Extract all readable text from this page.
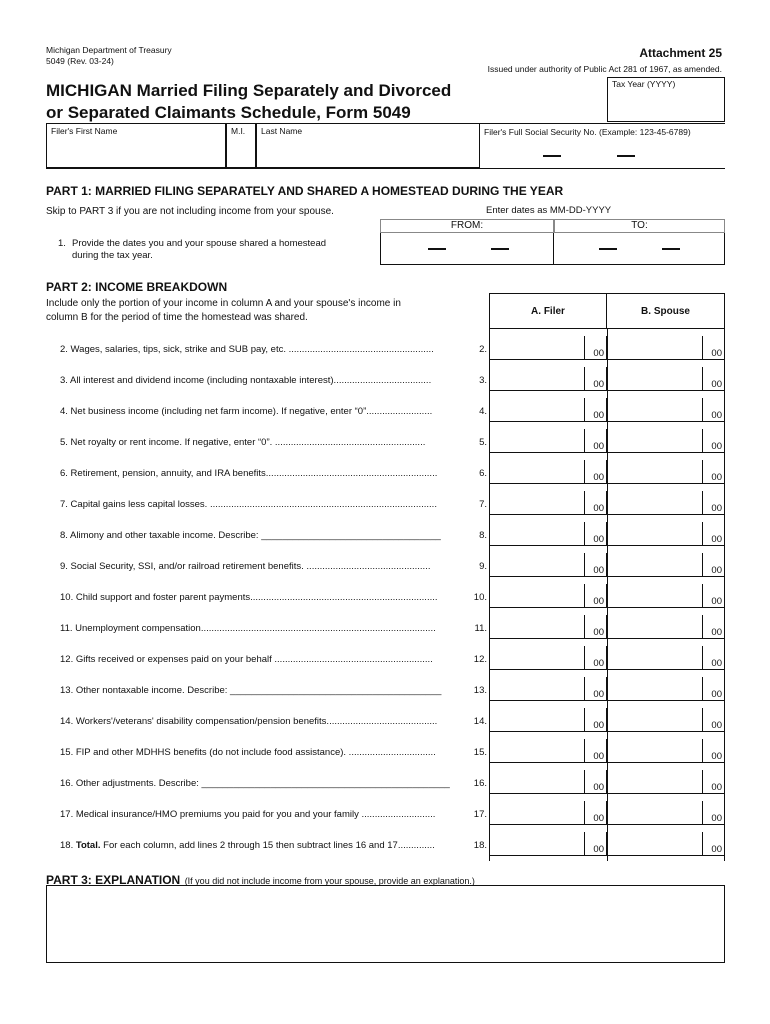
Michigan Department of Treasury
5049 (Rev. 03-24)
Attachment 25
Issued under authority of Public Act 281 of 1967, as amended.
MICHIGAN Married Filing Separately and Divorced
or Separated Claimants Schedule, Form 5049
Tax Year (YYYY)
Filer's First Name	M.I.	Last Name	Filer's Full Social Security No. (Example: 123-45-6789)
PART 1: MARRIED FILING SEPARATELY AND SHARED A HOMESTEAD DURING THE YEAR
Skip to PART 3 if you are not including income from your spouse.	Enter dates as MM-DD-YYYY
FROM:	TO:
1. Provide the dates you and your spouse shared a homestead
during the tax year.
PART 2: INCOME BREAKDOWN
Include only the portion of your income in column A and your spouse's income in
column B for the period of time the homestead was shared.
A. Filer	B. Spouse
2. Wages, salaries, tips, sick, strike and SUB pay, etc. .......................................................	2.	00	00
3. All interest and dividend income (including nontaxable interest).....................................	3.	00	00
4. Net business income (including net farm income). If negative, enter “0”.........................	4.	00	00
5. Net royalty or rent income. If negative, enter “0”. .........................................................	5.	00	00
6. Retirement, pension, annuity, and IRA benefits.................................................................	6.	00	00
7. Capital gains less capital losses. ......................................................................................	7.	00	00
8. Alimony and other taxable income. Describe: __________________________________	8.	00	00
9. Social Security, SSI, and/or railroad retirement benefits. ...............................................	9.	00	00
10. Child support and foster parent payments.......................................................................	10.	00	00
11. Unemployment compensation.........................................................................................	11.	00	00
12. Gifts received or expenses paid on your behalf ............................................................	12.	00	00
13. Other nontaxable income. Describe: ________________________________________	13.	00	00
14. Workers'/veterans' disability compensation/pension benefits..........................................	14.	00	00
15. FIP and other MDHHS benefits (do not include food assistance). .................................	15.	00	00
16. Other adjustments. Describe: _______________________________________________	16.	00	00
17. Medical insurance/HMO premiums you paid for you and your family ............................	17.	00	00
18. Total. For each column, add lines 2 through 15 then subtract lines 16 and 17..............	18.	00	00
PART 3: EXPLANATION (If you did not include income from your spouse, provide an explanation.)
